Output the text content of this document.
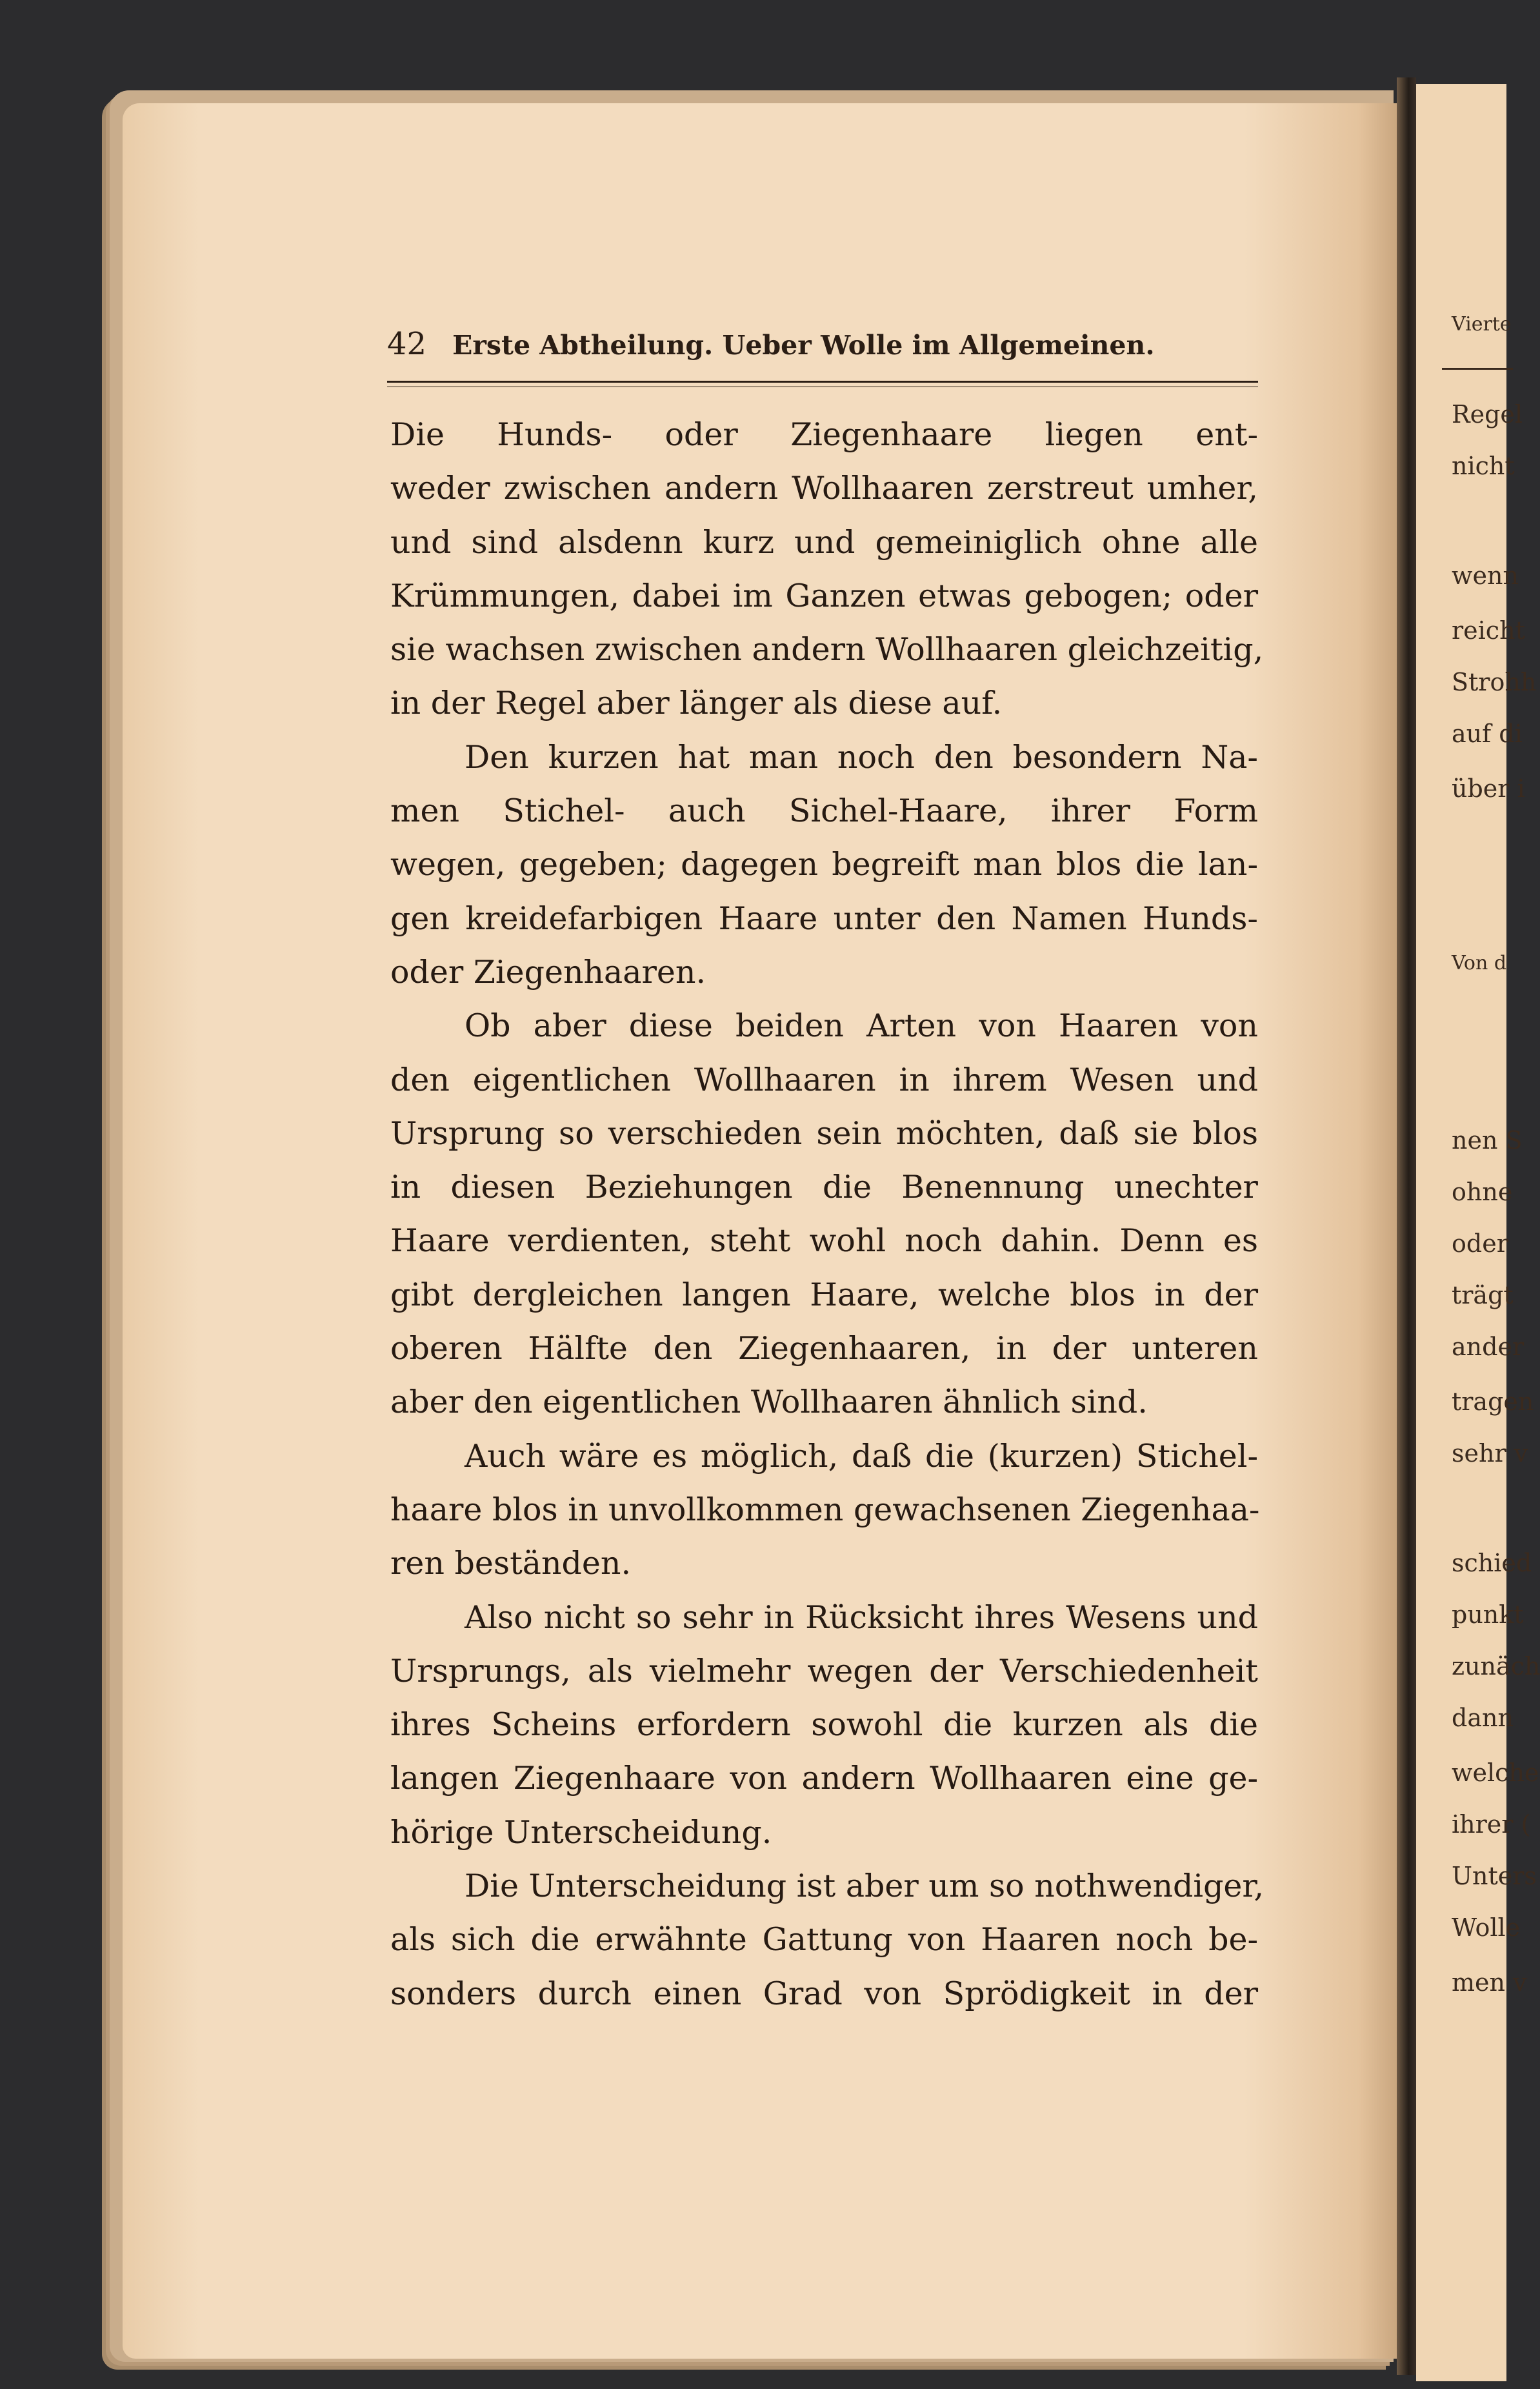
42 Erste Abtheilung. Ueber Wolle im Allgemeinen.
Die Hunds- oder Ziegenhaare liegen ent-
weder zwischen andern Wollhaaren zerstreut umher,
und sind alsdenn kurz und gemeiniglich ohne alle
Krümmungen, dabei im Ganzen etwas gebogen; oder
sie wachsen zwischen andern Wollhaaren gleichzeitig,
in der Regel aber länger als diese auf.
Den kurzen hat man noch den besondern Na-
men Stichel- auch Sichel-Haare, ihrer Form
wegen, gegeben; dagegen begreift man blos die lan-
gen kreidefarbigen Haare unter den Namen Hunds-
oder Ziegenhaaren.
Ob aber diese beiden Arten von Haaren von
den eigentlichen Wollhaaren in ihrem Wesen und
Ursprung so verschieden sein möchten, daß sie blos
in diesen Beziehungen die Benennung unechter
Haare verdienten, steht wohl noch dahin. Denn es
gibt dergleichen langen Haare, welche blos in der
oberen Hälfte den Ziegenhaaren, in der unteren
aber den eigentlichen Wollhaaren ähnlich sind.
Auch wäre es möglich, daß die (kurzen) Stichel-
haare blos in unvollkommen gewachsenen Ziegenhaa-
ren beständen.
Also nicht so sehr in Rücksicht ihres Wesens und
Ursprungs, als vielmehr wegen der Verschiedenheit
ihres Scheins erfordern sowohl die kurzen als die
langen Ziegenhaare von andern Wollhaaren eine ge-
hörige Unterscheidung.
Die Unterscheidung ist aber um so nothwendiger,
als sich die erwähnte Gattung von Haaren noch be-
sonders durch einen Grad von Sprödigkeit in der
Vierte
Regel
nicht
wenn
reicht
Strohh
auf di
über i
Von d
nen S
ohne
oder
trägt
ander
tragen
sehr v
schied
punkt
zunäch
dann
welche
ihrer (
Unters
Wolle
men v
